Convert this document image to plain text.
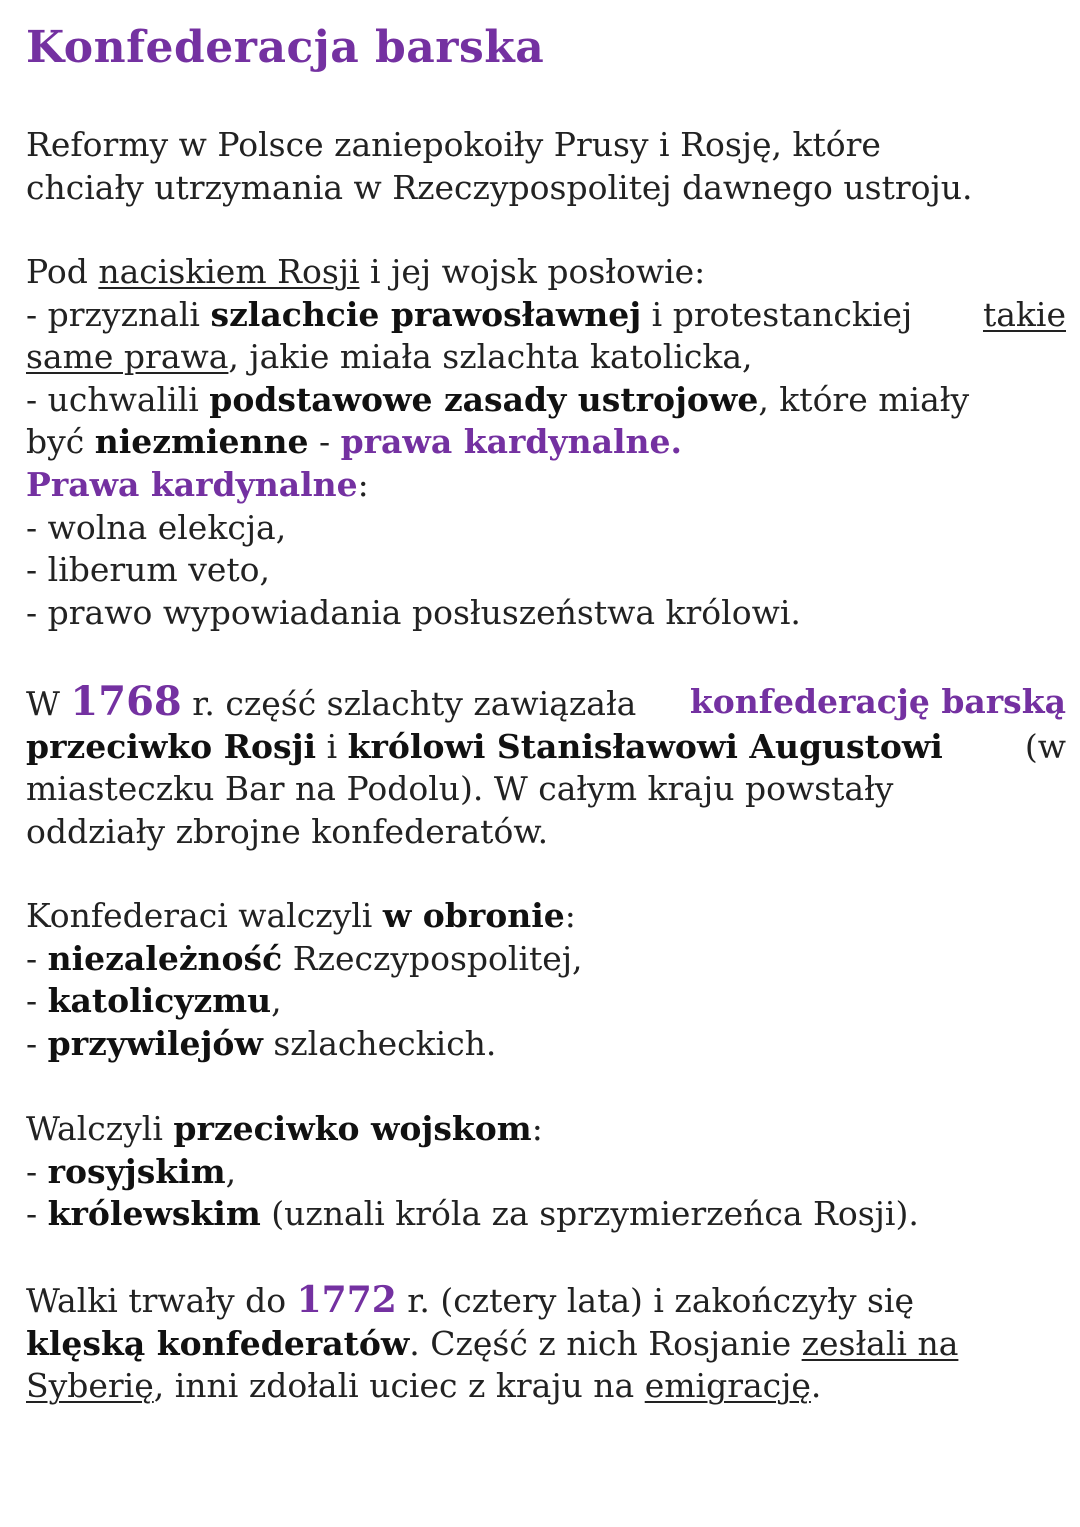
Konfederacja barska
Reformy w Polsce zaniepokoiły Prusy i Rosję, które
chciały utrzymania w Rzeczypospolitej dawnego ustroju.
Pod naciskiem Rosji i jej wojsk posłowie:
- przyznali szlachcie prawosławnej i protestanckiej takie
same prawa, jakie miała szlachta katolicka,
- uchwalili podstawowe zasady ustrojowe, które miały
być niezmienne - prawa kardynalne.
Prawa kardynalne:
- wolna elekcja,
- liberum veto,
- prawo wypowiadania posłuszeństwa królowi.
W 1768 r. część szlachty zawiązała konfederację barską
przeciwko Rosji i królowi Stanisławowi Augustowi (w
miasteczku Bar na Podolu). W całym kraju powstały
oddziały zbrojne konfederatów.
Konfederaci walczyli w obronie:
- niezależność Rzeczypospolitej,
- katolicyzmu,
- przywilejów szlacheckich.
Walczyli przeciwko wojskom:
- rosyjskim,
- królewskim (uznali króla za sprzymierzeńca Rosji).
Walki trwały do 1772 r. (cztery lata) i zakończyły się
klęską konfederatów. Część z nich Rosjanie zesłali na
Syberię, inni zdołali uciec z kraju na emigrację.
